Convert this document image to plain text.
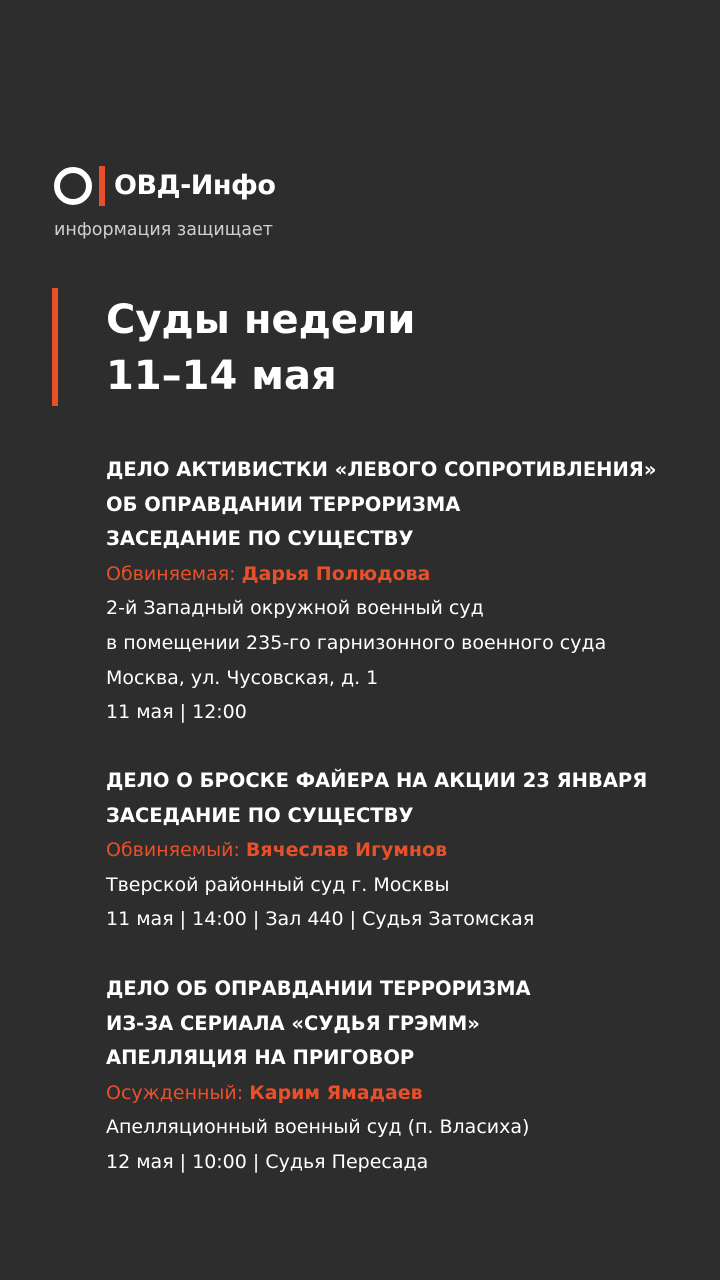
ОВД-Инфо
информация защищает
Суды недели
11–14 мая
ДЕЛО АКТИВИСТКИ «ЛЕВОГО СОПРОТИВЛЕНИЯ»
ОБ ОПРАВДАНИИ ТЕРРОРИЗМА
ЗАСЕДАНИЕ ПО СУЩЕСТВУ
Обвиняемая: Дарья Полюдова
2-й Западный окружной военный суд
в помещении 235-го гарнизонного военного суда
Москва, ул. Чусовская, д. 1
11 мая | 12:00
ДЕЛО О БРОСКЕ ФАЙЕРА НА АКЦИИ 23 ЯНВАРЯ
ЗАСЕДАНИЕ ПО СУЩЕСТВУ
Обвиняемый: Вячеслав Игумнов
Тверской районный суд г. Москвы
11 мая | 14:00 | Зал 440 | Судья Затомская
ДЕЛО ОБ ОПРАВДАНИИ ТЕРРОРИЗМА
ИЗ-ЗА СЕРИАЛА «СУДЬЯ ГРЭММ»
АПЕЛЛЯЦИЯ НА ПРИГОВОР
Осужденный: Карим Ямадаев
Апелляционный военный суд (п. Власиха)
12 мая | 10:00 | Судья Пересада
